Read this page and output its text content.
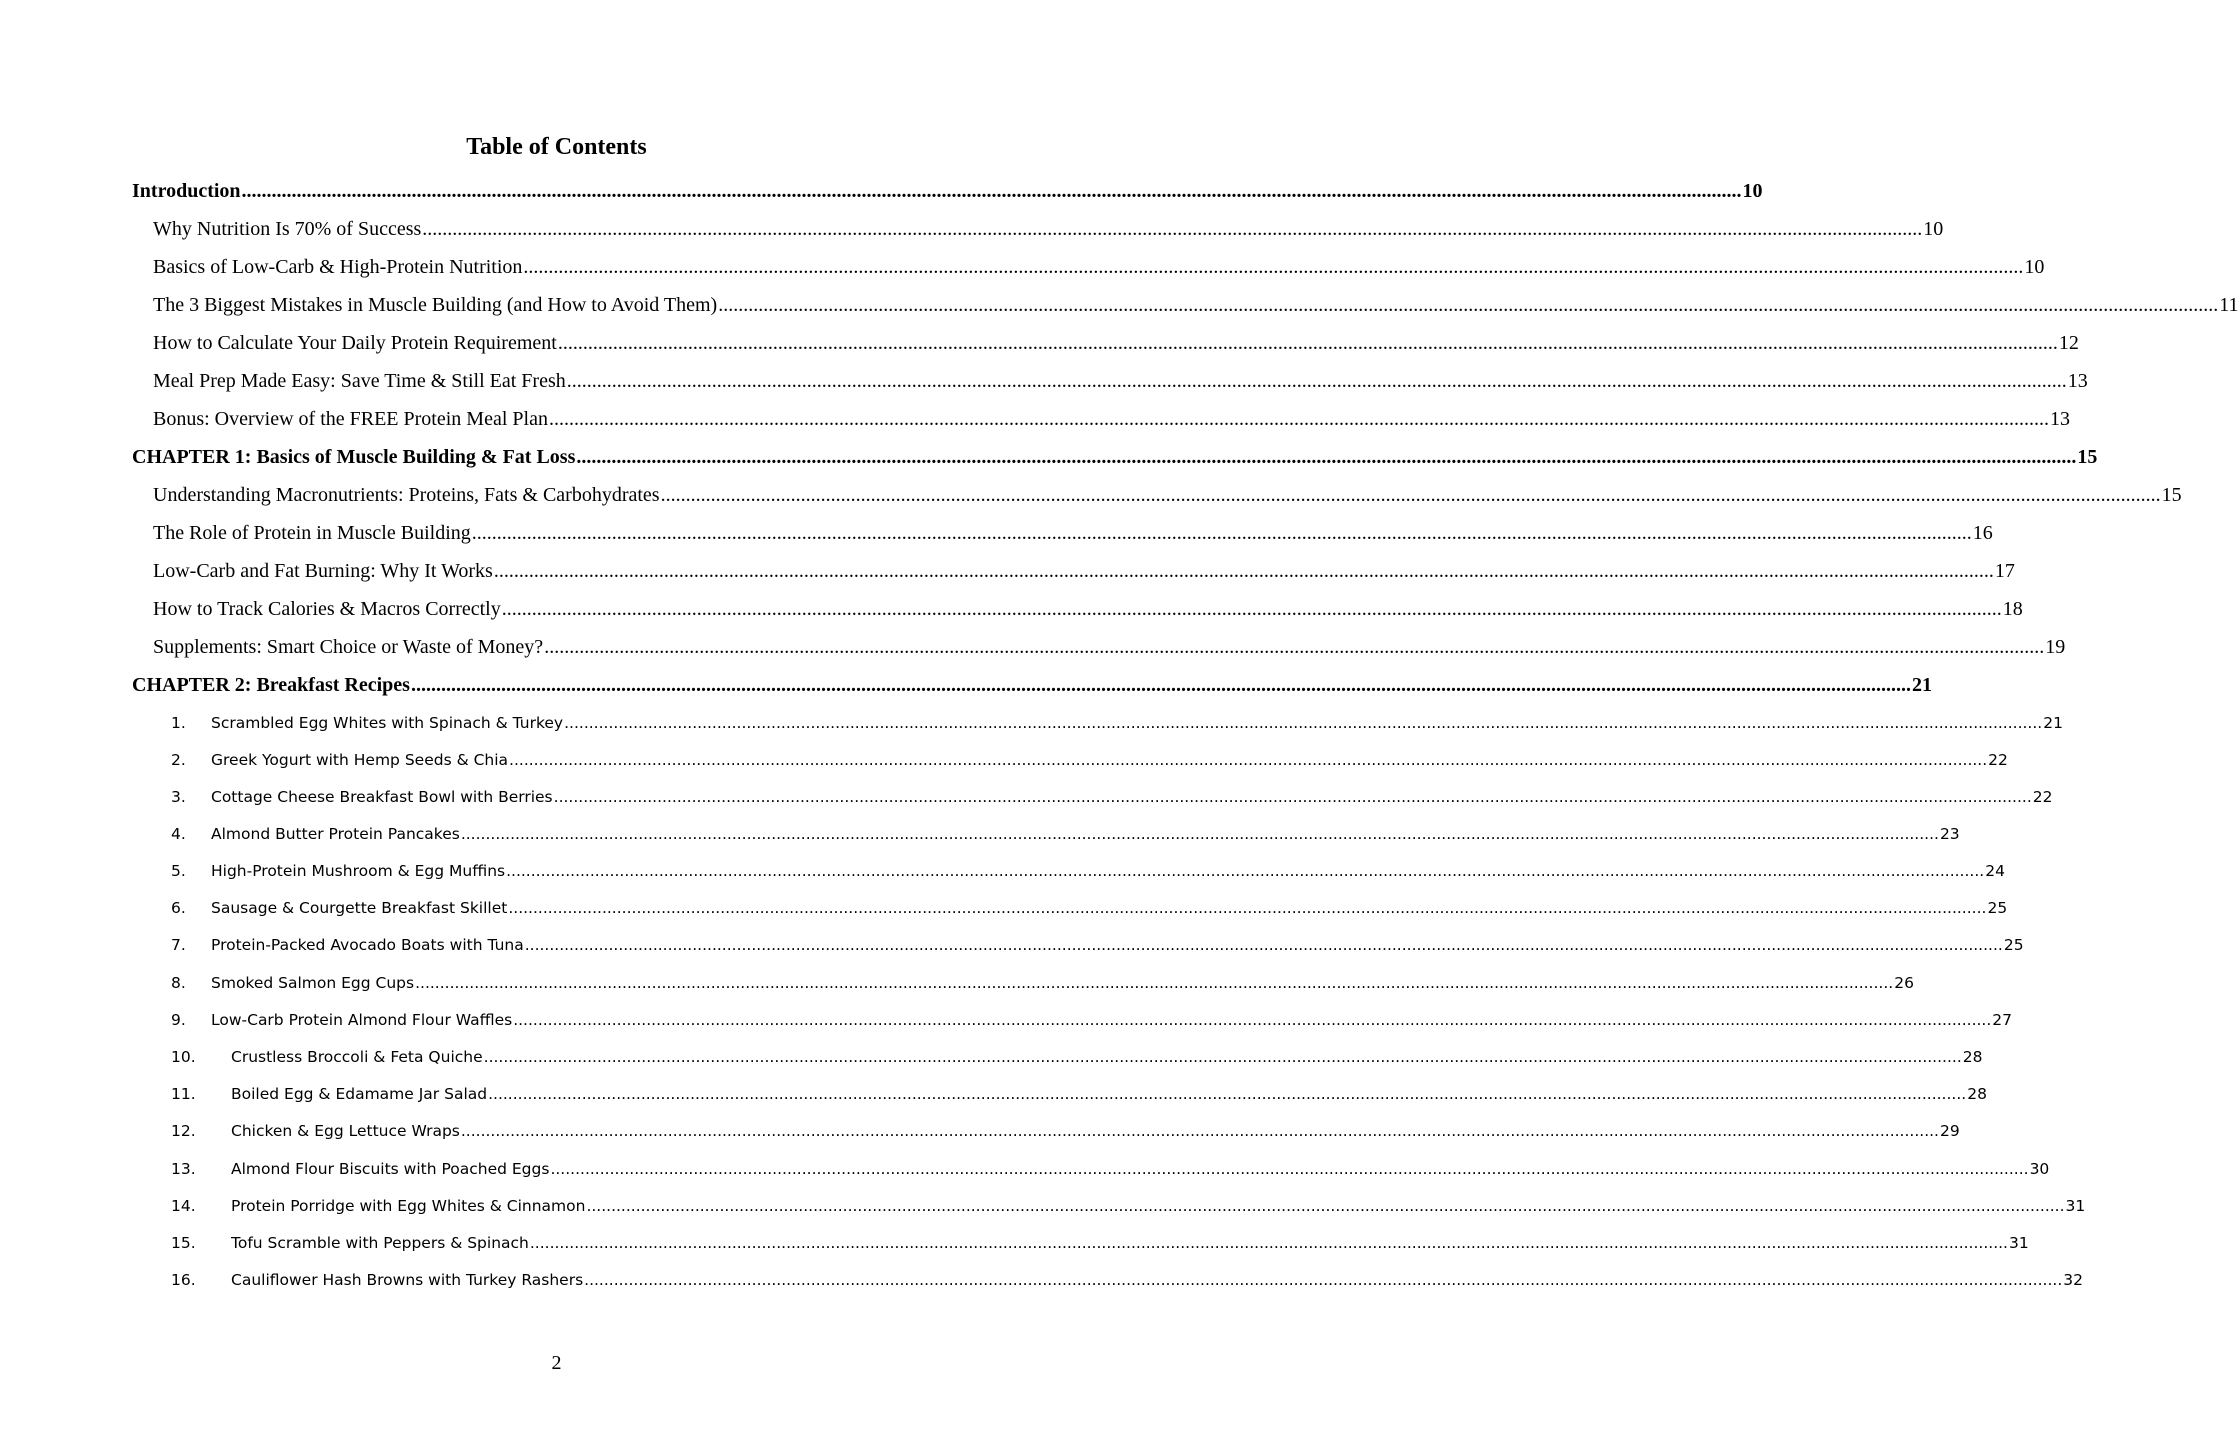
Table of Contents
Introduction ............................................................................................................................................................................................................................................................................................................ 10
Why Nutrition Is 70% of Success ............................................................................................................................................................................................................................................................................................................ 10
Basics of Low-Carb & High-Protein Nutrition ............................................................................................................................................................................................................................................................................................................ 10
The 3 Biggest Mistakes in Muscle Building (and How to Avoid Them) ............................................................................................................................................................................................................................................................................................................ 11
How to Calculate Your Daily Protein Requirement ............................................................................................................................................................................................................................................................................................................ 12
Meal Prep Made Easy: Save Time & Still Eat Fresh ............................................................................................................................................................................................................................................................................................................ 13
Bonus: Overview of the FREE Protein Meal Plan ............................................................................................................................................................................................................................................................................................................ 13
CHAPTER 1: Basics of Muscle Building & Fat Loss ............................................................................................................................................................................................................................................................................................................ 15
Understanding Macronutrients: Proteins, Fats & Carbohydrates ............................................................................................................................................................................................................................................................................................................ 15
The Role of Protein in Muscle Building ............................................................................................................................................................................................................................................................................................................ 16
Low-Carb and Fat Burning: Why It Works ............................................................................................................................................................................................................................................................................................................ 17
How to Track Calories & Macros Correctly ............................................................................................................................................................................................................................................................................................................ 18
Supplements: Smart Choice or Waste of Money? ............................................................................................................................................................................................................................................................................................................ 19
CHAPTER 2: Breakfast Recipes ............................................................................................................................................................................................................................................................................................................ 21
1. Scrambled Egg Whites with Spinach & Turkey ............................................................................................................................................................................................................................................................................................................ 21
2. Greek Yogurt with Hemp Seeds & Chia ............................................................................................................................................................................................................................................................................................................ 22
3. Cottage Cheese Breakfast Bowl with Berries ............................................................................................................................................................................................................................................................................................................ 22
4. Almond Butter Protein Pancakes ............................................................................................................................................................................................................................................................................................................ 23
5. High-Protein Mushroom & Egg Muffins ............................................................................................................................................................................................................................................................................................................ 24
6. Sausage & Courgette Breakfast Skillet ............................................................................................................................................................................................................................................................................................................ 25
7. Protein-Packed Avocado Boats with Tuna ............................................................................................................................................................................................................................................................................................................ 25
8. Smoked Salmon Egg Cups ............................................................................................................................................................................................................................................................................................................ 26
9. Low-Carb Protein Almond Flour Waffles ............................................................................................................................................................................................................................................................................................................ 27
10. Crustless Broccoli & Feta Quiche ............................................................................................................................................................................................................................................................................................................ 28
11. Boiled Egg & Edamame Jar Salad ............................................................................................................................................................................................................................................................................................................ 28
12. Chicken & Egg Lettuce Wraps ............................................................................................................................................................................................................................................................................................................ 29
13. Almond Flour Biscuits with Poached Eggs ............................................................................................................................................................................................................................................................................................................ 30
14. Protein Porridge with Egg Whites & Cinnamon ............................................................................................................................................................................................................................................................................................................ 31
15. Tofu Scramble with Peppers & Spinach ............................................................................................................................................................................................................................................................................................................ 31
16. Cauliflower Hash Browns with Turkey Rashers ............................................................................................................................................................................................................................................................................................................ 32
2
